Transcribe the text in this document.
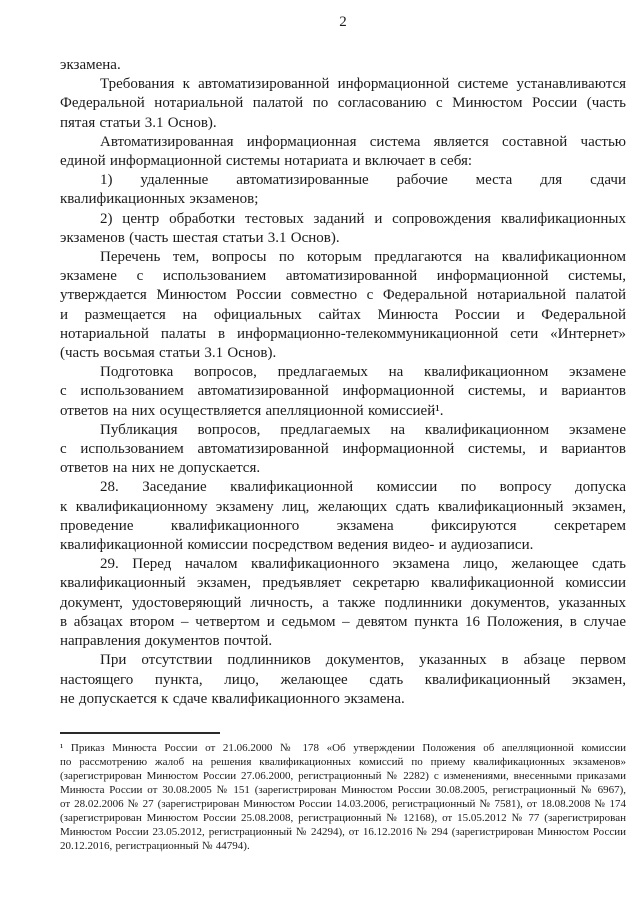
2
экзамена.
Требования к автоматизированной информационной системе устанавливаются
Федеральной нотариальной палатой по согласованию с Минюстом России (часть
пятая статьи 3.1 Основ).
Автоматизированная информационная система является составной частью
единой информационной системы нотариата и включает в себя:
1) удаленные автоматизированные рабочие места для сдачи
квалификационных экзаменов;
2) центр обработки тестовых заданий и сопровождения квалификационных
экзаменов (часть шестая статьи 3.1 Основ).
Перечень тем, вопросы по которым предлагаются на квалификационном
экзамене с использованием автоматизированной информационной системы,
утверждается Минюстом России совместно с Федеральной нотариальной палатой
и размещается на официальных сайтах Минюста России и Федеральной
нотариальной палаты в информационно-телекоммуникационной сети «Интернет»
(часть восьмая статьи 3.1 Основ).
Подготовка вопросов, предлагаемых на квалификационном экзамене
с использованием автоматизированной информационной системы, и вариантов
ответов на них осуществляется апелляционной комиссией¹.
Публикация вопросов, предлагаемых на квалификационном экзамене
с использованием автоматизированной информационной системы, и вариантов
ответов на них не допускается.
28. Заседание квалификационной комиссии по вопросу допуска
к квалификационному экзамену лиц, желающих сдать квалификационный экзамен,
проведение квалификационного экзамена фиксируются секретарем
квалификационной комиссии посредством ведения видео- и аудиозаписи.
29. Перед началом квалификационного экзамена лицо, желающее сдать
квалификационный экзамен, предъявляет секретарю квалификационной комиссии
документ, удостоверяющий личность, а также подлинники документов, указанных
в абзацах втором – четвертом и седьмом – девятом пункта 16 Положения, в случае
направления документов почтой.
При отсутствии подлинников документов, указанных в абзаце первом
настоящего пункта, лицо, желающее сдать квалификационный экзамен,
не допускается к сдаче квалификационного экзамена.
¹ Приказ Минюста России от 21.06.2000 № 178 «Об утверждении Положения об апелляционной комиссии
по рассмотрению жалоб на решения квалификационных комиссий по приему квалификационных экзаменов»
(зарегистрирован Минюстом России 27.06.2000, регистрационный № 2282) с изменениями, внесенными приказами
Минюста России от 30.08.2005 № 151 (зарегистрирован Минюстом России 30.08.2005, регистрационный № 6967),
от 28.02.2006 № 27 (зарегистрирован Минюстом России 14.03.2006, регистрационный № 7581), от 18.08.2008 № 174
(зарегистрирован Минюстом России 25.08.2008, регистрационный № 12168), от 15.05.2012 № 77 (зарегистрирован
Минюстом России 23.05.2012, регистрационный № 24294), от 16.12.2016 № 294 (зарегистрирован Минюстом России
20.12.2016, регистрационный № 44794).
